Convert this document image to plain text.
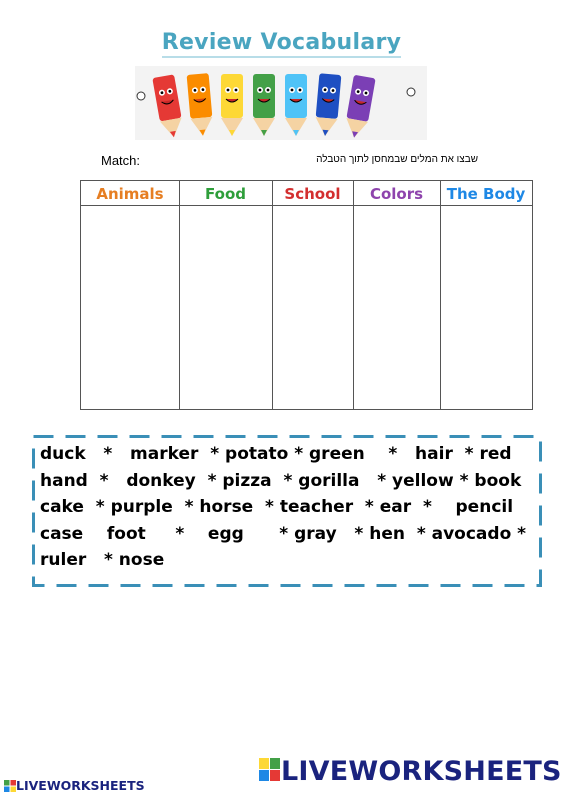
Review Vocabulary
Match:	שבצו את המלים שבמחסן לתוך הטבלה
Animals	Food	School	Colors	The Body
duck   *   marker  * potato * green    *   hair  * red
hand  *   donkey  * pizza  * gorilla   * yellow * book
cake  * purple  * horse  * teacher  * ear  *    pencil
case    foot     *    egg      * gray   * hen  * avocado *
ruler   * nose
LIVEWORKSHEETS	LIVEWORKSHEETS
